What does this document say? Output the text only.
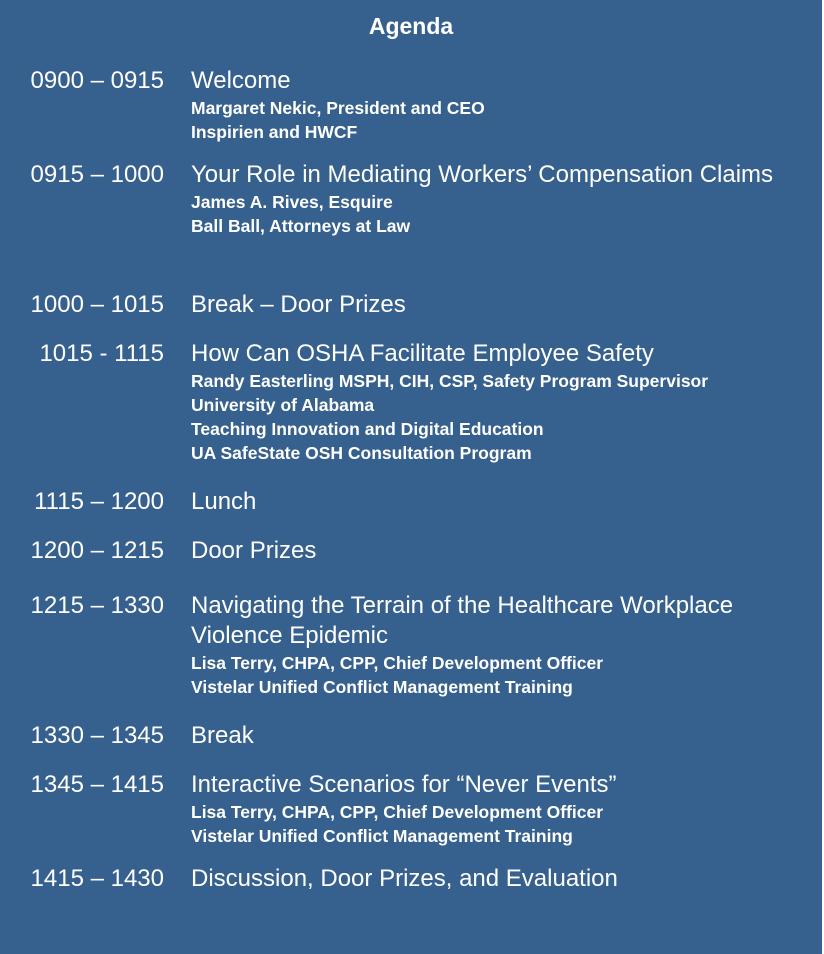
Agenda
0900 – 0915 Welcome
Margaret Nekic, President and CEO
Inspirien and HWCF
0915 – 1000 Your Role in Mediating Workers’ Compensation Claims
James A. Rives, Esquire
Ball Ball, Attorneys at Law
1000 – 1015 Break – Door Prizes
1015 - 1115 How Can OSHA Facilitate Employee Safety
Randy Easterling MSPH, CIH, CSP, Safety Program Supervisor
University of Alabama
Teaching Innovation and Digital Education
UA SafeState OSH Consultation Program
1115 – 1200 Lunch
1200 – 1215 Door Prizes
1215 – 1330 Navigating the Terrain of the Healthcare Workplace Violence Epidemic
Lisa Terry, CHPA, CPP, Chief Development Officer
Vistelar Unified Conflict Management Training
1330 – 1345 Break
1345 – 1415 Interactive Scenarios for “Never Events”
Lisa Terry, CHPA, CPP, Chief Development Officer
Vistelar Unified Conflict Management Training
1415 – 1430 Discussion, Door Prizes, and Evaluation
